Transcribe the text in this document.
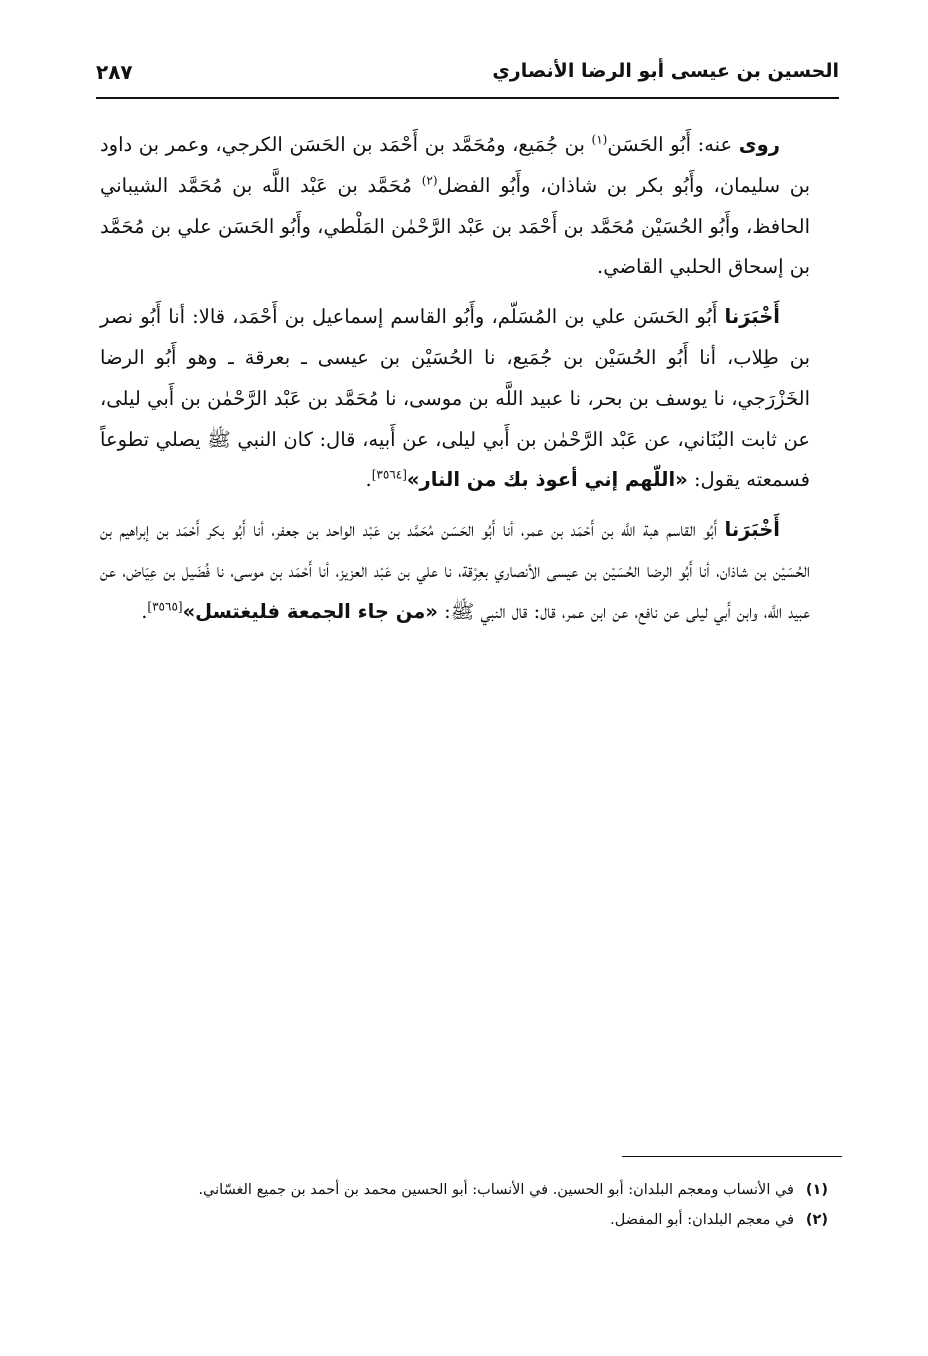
الحسين بن عيسى أبو الرضا الأنصاري
٢٨٧

روى عنه: أَبُو الحَسَن$^{(١)}$ بن جُمَيع، ومُحَمَّد بن أَحْمَد بن الحَسَن الكرجي، وعمر بن داود بن سليمان، وأَبُو بكر بن شاذان، وأَبُو الفضل$^{(٢)}$ مُحَمَّد بن عَبْد اللَّه بن مُحَمَّد الشيباني الحافظ، وأَبُو الحُسَيْن مُحَمَّد بن أَحْمَد بن عَبْد الرَّحْمٰن المَلْطي، وأَبُو الحَسَن علي بن مُحَمَّد بن إسحاق الحلبي القاضي.

أَخْبَرَنا أَبُو الحَسَن علي بن المُسَلّم، وأَبُو القاسم إسماعيل بن أَحْمَد، قالا: أنا أَبُو نصر بن طِلاب، أنا أَبُو الحُسَيْن بن جُمَيع، نا الحُسَيْن بن عيسى ـ بعرقة ـ وهو أَبُو الرضا الخَزْرَجي، نا يوسف بن بحر، نا عبيد اللَّه بن موسى، نا مُحَمَّد بن عَبْد الرَّحْمٰن بن أَبي ليلى، عن ثابت البُنَاني، عن عَبْد الرَّحْمٰن بن أَبي ليلى، عن أَبيه، قال: كان النبي ﷺ يصلي تطوعاً فسمعته يقول: «اللّهم إني أعوذ بك من النار»[٣٥٦٤].

أَخْبَرَنا أَبُو القاسم هبة اللَّه بن أَحْمَد بن عمر، أنا أَبُو الحَسَن مُحَمَّد بن عَبْد الواحد بن جعفر، أنا أَبُو بكر أَحْمَد بن إبراهيم بن الحُسَيْن بن شاذان، أنا أَبُو الرضا الحُسَيْن بن عيسى الأنصاري بعِرْقة، نا علي بن عَبْد العزيز، أنا أَحْمَد بن موسى، نا فُضَيل بن عِيَاض، عن عبيد اللَّه، وابن أَبي ليلى عن نافع، عن ابن عمر، قال: قال النبي ﷺ: «من جاء الجمعة فليغتسل»[٣٥٦٥].

(١)
في الأنساب ومعجم البلدان: أبو الحسين. في الأنساب: أبو الحسين محمد بن أحمد بن جميع الغسّاني.
(٢)
في معجم البلدان: أبو المفضل.
